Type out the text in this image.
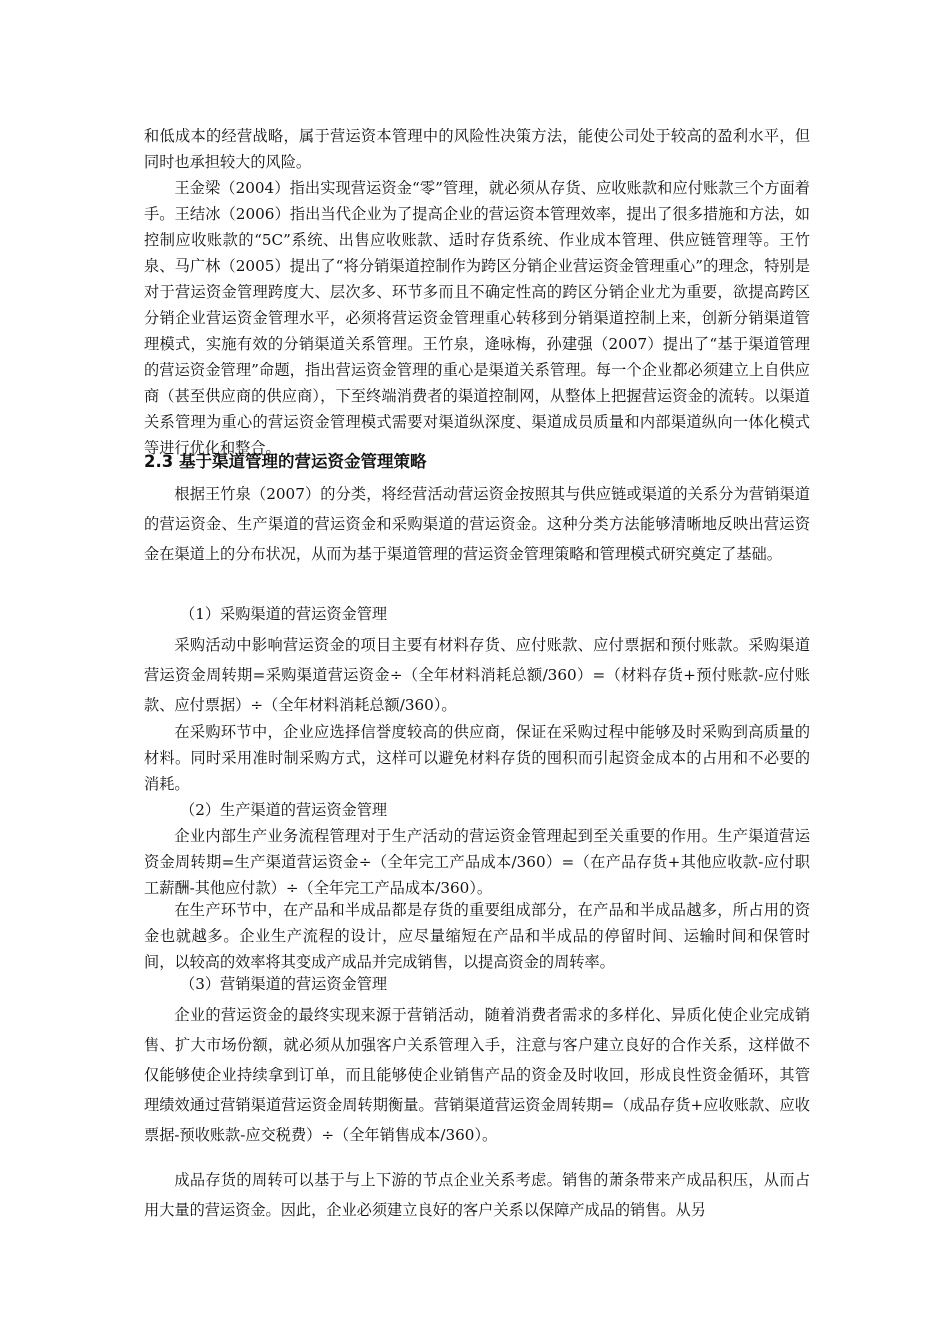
和低成本的经营战略，属于营运资本管理中的风险性决策方法，能使公司处于较高的盈利水平，但同时也承担较大的风险。

王金梁（2004）指出实现营运资金“零”管理，就必须从存货、应收账款和应付账款三个方面着手。王结冰（2006）指出当代企业为了提高企业的营运资本管理效率，提出了很多措施和方法，如控制应收账款的“5C”系统、出售应收账款、适时存货系统、作业成本管理、供应链管理等。王竹泉、马广林（2005）提出了“将分销渠道控制作为跨区分销企业营运资金管理重心”的理念，特别是对于营运资金管理跨度大、层次多、环节多而且不确定性高的跨区分销企业尤为重要，欲提高跨区分销企业营运资金管理水平，必须将营运资金管理重心转移到分销渠道控制上来，创新分销渠道管理模式，实施有效的分销渠道关系管理。王竹泉，逄咏梅，孙建强（2007）提出了“基于渠道管理的营运资金管理”命题，指出营运资金管理的重心是渠道关系管理。每一个企业都必须建立上自供应商（甚至供应商的供应商），下至终端消费者的渠道控制网，从整体上把握营运资金的流转。以渠道关系管理为重心的营运资金管理模式需要对渠道纵深度、渠道成员质量和内部渠道纵向一体化模式等进行优化和整合。

2.3 基于渠道管理的营运资金管理策略

根据王竹泉（2007）的分类，将经营活动营运资金按照其与供应链或渠道的关系分为营销渠道的营运资金、生产渠道的营运资金和采购渠道的营运资金。这种分类方法能够清晰地反映出营运资金在渠道上的分布状况，从而为基于渠道管理的营运资金管理策略和管理模式研究奠定了基础。

（1）采购渠道的营运资金管理

采购活动中影响营运资金的项目主要有材料存货、应付账款、应付票据和预付账款。采购渠道营运资金周转期=采购渠道营运资金÷（全年材料消耗总额/360）=（材料存货+预付账款-应付账款、应付票据）÷（全年材料消耗总额/360）。

在采购环节中，企业应选择信誉度较高的供应商，保证在采购过程中能够及时采购到高质量的材料。同时采用准时制采购方式，这样可以避免材料存货的囤积而引起资金成本的占用和不必要的消耗。

（2）生产渠道的营运资金管理

企业内部生产业务流程管理对于生产活动的营运资金管理起到至关重要的作用。生产渠道营运资金周转期=生产渠道营运资金÷（全年完工产品成本/360）=（在产品存货+其他应收款-应付职工薪酬-其他应付款）÷（全年完工产品成本/360）。

在生产环节中，在产品和半成品都是存货的重要组成部分，在产品和半成品越多，所占用的资金也就越多。企业生产流程的设计，应尽量缩短在产品和半成品的停留时间、运输时间和保管时间，以较高的效率将其变成产成品并完成销售，以提高资金的周转率。

（3）营销渠道的营运资金管理

企业的营运资金的最终实现来源于营销活动，随着消费者需求的多样化、异质化使企业完成销售、扩大市场份额，就必须从加强客户关系管理入手，注意与客户建立良好的合作关系，这样做不仅能够使企业持续拿到订单，而且能够使企业销售产品的资金及时收回，形成良性资金循环，其管理绩效通过营销渠道营运资金周转期衡量。营销渠道营运资金周转期=（成品存货+应收账款、应收票据-预收账款-应交税费）÷（全年销售成本/360）。

成品存货的周转可以基于与上下游的节点企业关系考虑。销售的萧条带来产成品积压，从而占用大量的营运资金。因此，企业必须建立良好的客户关系以保障产成品的销售。从另
